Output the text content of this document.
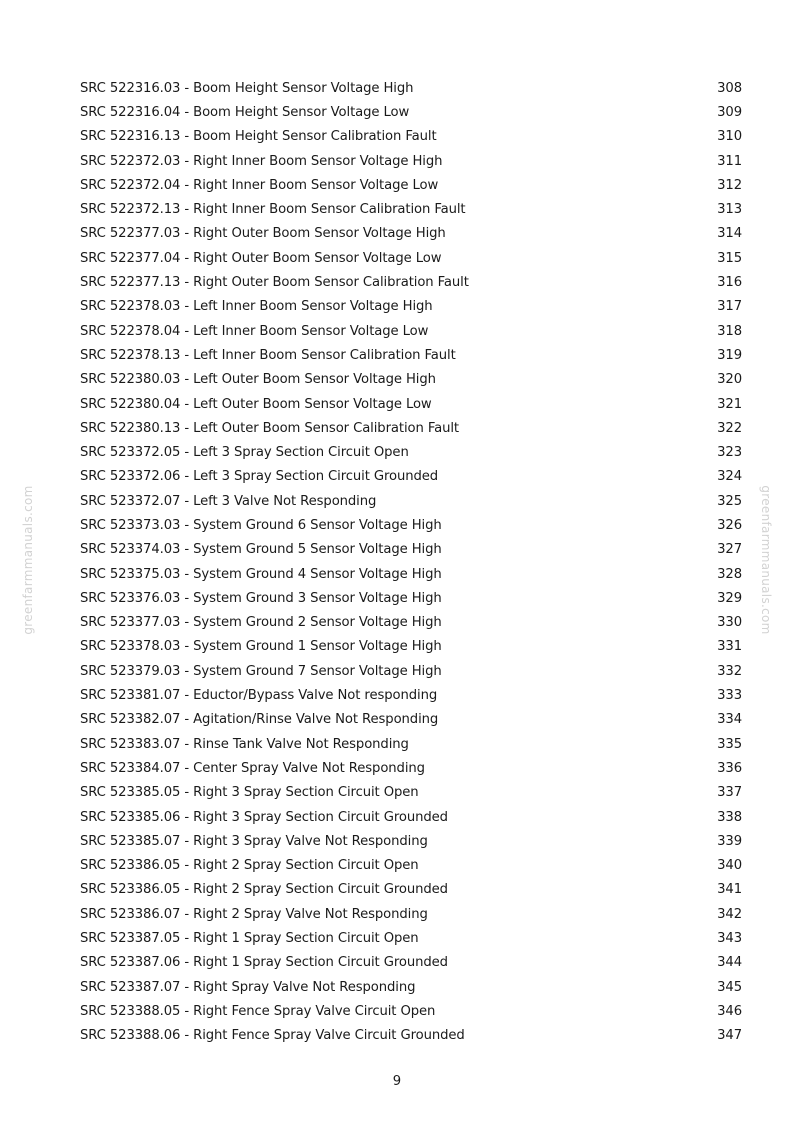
greenfarmmanuals.com	greenfarmmanuals.com
SRC 522316.03 - Boom Height Sensor Voltage High	308
SRC 522316.04 - Boom Height Sensor Voltage Low	309
SRC 522316.13 - Boom Height Sensor Calibration Fault	310
SRC 522372.03 - Right Inner Boom Sensor Voltage High	311
SRC 522372.04 - Right Inner Boom Sensor Voltage Low	312
SRC 522372.13 - Right Inner Boom Sensor Calibration Fault	313
SRC 522377.03 - Right Outer Boom Sensor Voltage High	314
SRC 522377.04 - Right Outer Boom Sensor Voltage Low	315
SRC 522377.13 - Right Outer Boom Sensor Calibration Fault	316
SRC 522378.03 - Left Inner Boom Sensor Voltage High	317
SRC 522378.04 - Left Inner Boom Sensor Voltage Low	318
SRC 522378.13 - Left Inner Boom Sensor Calibration Fault	319
SRC 522380.03 - Left Outer Boom Sensor Voltage High	320
SRC 522380.04 - Left Outer Boom Sensor Voltage Low	321
SRC 522380.13 - Left Outer Boom Sensor Calibration Fault	322
SRC 523372.05 - Left 3 Spray Section Circuit Open	323
SRC 523372.06 - Left 3 Spray Section Circuit Grounded	324
SRC 523372.07 - Left 3 Valve Not Responding	325
SRC 523373.03 - System Ground 6 Sensor Voltage High	326
SRC 523374.03 - System Ground 5 Sensor Voltage High	327
SRC 523375.03 - System Ground 4 Sensor Voltage High	328
SRC 523376.03 - System Ground 3 Sensor Voltage High	329
SRC 523377.03 - System Ground 2 Sensor Voltage High	330
SRC 523378.03 - System Ground 1 Sensor Voltage High	331
SRC 523379.03 - System Ground 7 Sensor Voltage High	332
SRC 523381.07 - Eductor/Bypass Valve Not responding	333
SRC 523382.07 - Agitation/Rinse Valve Not Responding	334
SRC 523383.07 - Rinse Tank Valve Not Responding	335
SRC 523384.07 - Center Spray Valve Not Responding	336
SRC 523385.05 - Right 3 Spray Section Circuit Open	337
SRC 523385.06 - Right 3 Spray Section Circuit Grounded	338
SRC 523385.07 - Right 3 Spray Valve Not Responding	339
SRC 523386.05 - Right 2 Spray Section Circuit Open	340
SRC 523386.05 - Right 2 Spray Section Circuit Grounded	341
SRC 523386.07 - Right 2 Spray Valve Not Responding	342
SRC 523387.05 - Right 1 Spray Section Circuit Open	343
SRC 523387.06 - Right 1 Spray Section Circuit Grounded	344
SRC 523387.07 - Right Spray Valve Not Responding	345
SRC 523388.05 - Right Fence Spray Valve Circuit Open	346
SRC 523388.06 - Right Fence Spray Valve Circuit Grounded	347
9
